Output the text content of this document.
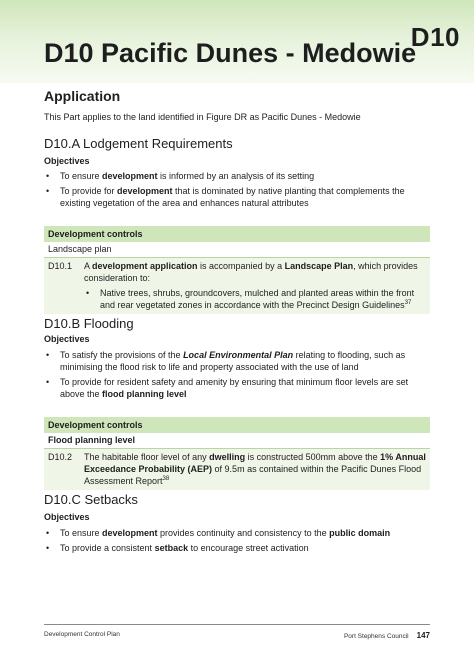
D10
D10 Pacific Dunes - Medowie
Application
This Part applies to the land identified in Figure DR as Pacific Dunes - Medowie
D10.A Lodgement Requirements
Objectives
• To ensure development is informed by an analysis of its setting
• To provide for development that is dominated by native planting that complements the existing vegetation of the area and enhances natural attributes
Development controls
Landscape plan
D10.1	A development application is accompanied by a Landscape Plan, which provides consideration to:
• Native trees, shrubs, groundcovers, mulched and planted areas within the front and rear vegetated zones in accordance with the Precinct Design Guidelines$^{37}$
D10.B Flooding
Objectives
• To satisfy the provisions of the Local Environmental Plan relating to flooding, such as minimising the flood risk to life and property associated with the use of land
• To provide for resident safety and amenity by ensuring that minimum floor levels are set above the flood planning level
Development controls
Flood planning level
D10.2	The habitable floor level of any dwelling is constructed 500mm above the 1% Annual Exceedance Probability (AEP) of 9.5m as contained within the Pacific Dunes Flood Assessment Report$^{38}$
D10.C Setbacks
Objectives
• To ensure development provides continuity and consistency to the public domain
• To provide a consistent setback to encourage street activation
Development Control Plan	Port Stephens Council 147
